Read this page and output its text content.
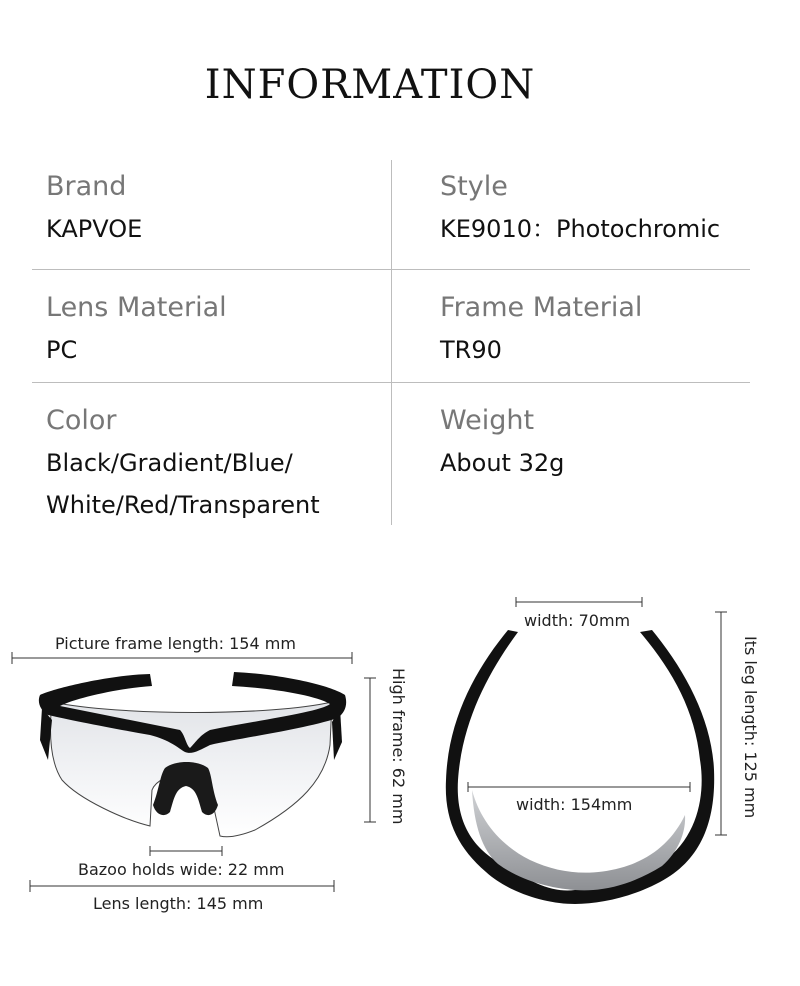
INFORMATION
Brand
KAPVOE
Style
KE9010：Photochromic
Lens Material
PC
Frame Material
TR90
Color
Black/Gradient/Blue/
White/Red/Transparent
Weight
About 32g
Picture frame length: 154 mm
High frame: 62 mm
Bazoo holds wide: 22 mm
Lens length: 145 mm
width: 70mm
width: 154mm	Its leg length: 125 mm
